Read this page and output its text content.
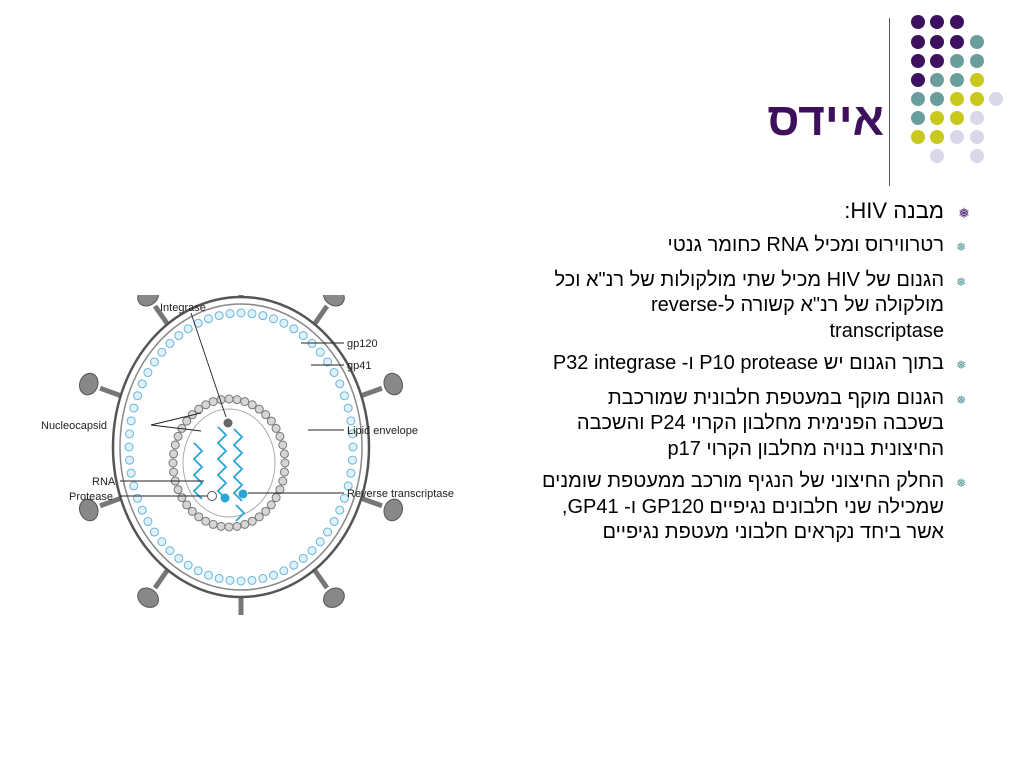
איידס
❅
מבנה HIV:
❅
רטרווירוס ומכיל RNA כחומר גנטי
❅
הגנום של HIV מכיל שתי מולקולות של רנ"א וכל מולקולה של רנ"א קשורה ל-reverse transcriptase
❅
בתוך הגנום יש P10 protease ו- P32 integrase
❅
הגנום מוקף במעטפת חלבונית שמורכבת בשכבה הפנימית מחלבון הקרוי P24 והשכבה החיצונית בנויה מחלבון הקרוי p17
❅
החלק החיצוני של הנגיף מורכב ממעטפת שומנים שמכילה שני חלבונים נגיפיים GP120 ו- GP41, אשר ביחד נקראים חלבוני מעטפת נגיפיים
Integrase
gp120
gp41
Nucleocapsid	Lipid envelope
RNA
Protease	Reverse transcriptase
